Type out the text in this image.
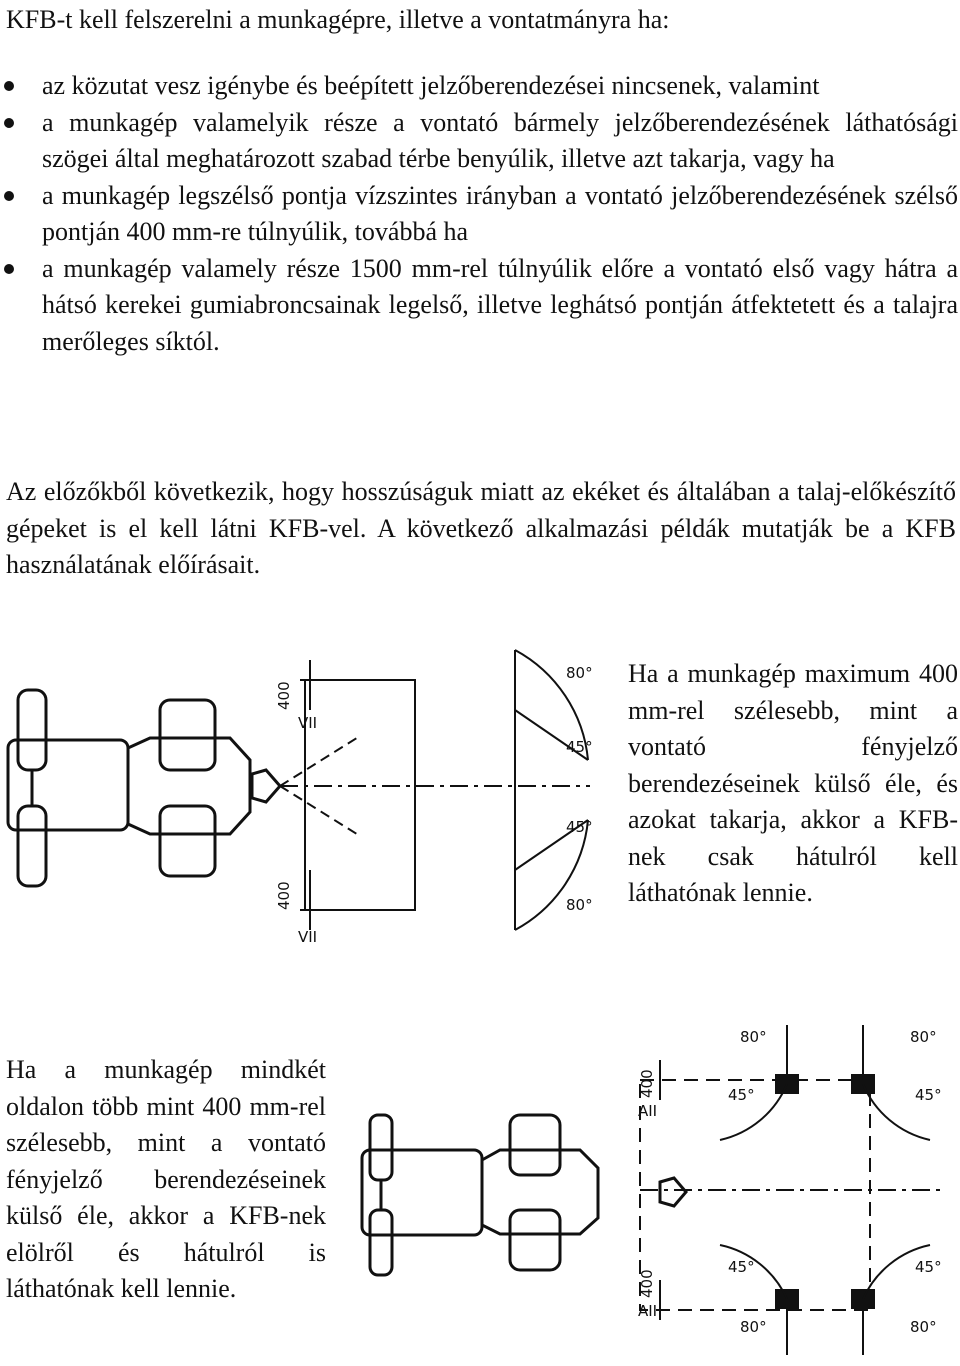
KFB-t kell felszerelni a munkagépre, illetve a vontatmányra ha:
az közutat vesz igénybe és beépített jelzőberendezései nincsenek, valamint
a munkagép valamelyik része a vontató bármely jelzőberendezésének láthatósági szögei által meghatározott szabad térbe benyúlik, illetve azt takarja, vagy ha
a munkagép legszélső pontja vízszintes irányban a vontató jelzőberendezésének szélső pontján 400 mm-re túlnyúlik, továbbá ha
a munkagép valamely része 1500 mm-rel túlnyúlik előre a vontató első vagy hátra a hátsó kerekei gumiabroncsainak legelső, illetve leghátsó pontján átfektetett és a talajra merőleges síktól.
Az előzőkből következik, hogy hosszúságuk miatt az ekéket és általában a talaj-előkészítő gépeket is el kell látni KFB-vel. A következő alkalmazási példák mutatják be a KFB használatának előírásait.
400
VII
400
VII
80°
45°
45°
80°
Ha a munkagép maximum 400 mm-rel szélesebb, mint a vontató fényjelző berendezéseinek külső éle, és azokat takarja, akkor a KFB-nek csak hátulról kell láthatónak lennie.
Ha a munkagép mindkét oldalon több mint 400 mm-rel szélesebb, mint a vontató fényjelző berendezéseinek külső éle, akkor a KFB-nek elölről és hátulról is láthatónak kell lennie.
400
AII
400
AII
80°	80°
45°	45°
45°	45°
80°	80°
